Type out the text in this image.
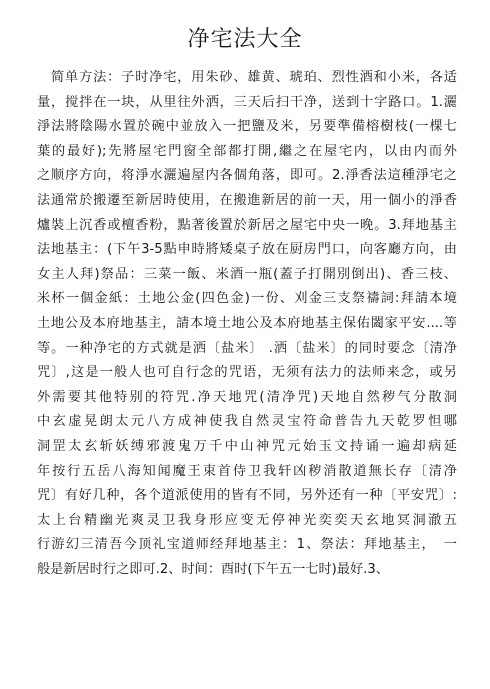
净宅法大全
　简单方法：子时净宅，用朱砂、雄黄、琥珀、烈性酒和小米，各适
量，搅拌在一块，从里往外洒，三天后扫干净，送到十字路口。1.灑
淨法將陰陽水置於碗中並放入一把鹽及米，另要準備榕樹枝(一棵七
葉的最好);先將屋宅門窗全部都打開,繼之在屋宅内，以由内而外
之顺序方向，将淨水灑遍屋内各個角落，即可。2.淨香法這種淨宅之
法通常於搬遷至新居時使用，在搬進新居的前一天，用一個小的淨香
爐裝上沉香或檀香粉，點著後置於新居之屋宅中央一晚。3.拜地基主
法地基主：(下午3-5點申時將矮桌子放在厨房門口，向客廳方向，由
女主人拜)祭品：三菜一飯、米酒一瓶(蓋子打開別倒出)、香三枝、
米杯一個金紙：土地公金(四色金)一份、刈金三支祭禱詞:拜請本境
土地公及本府地基主，請本境土地公及本府地基主保佑闔家平安....等
等。一种净宅的方式就是洒〔盐米〕 .洒〔盐米〕的同时要念〔清净
咒〕,这是一般人也可自行念的咒语，无须有法力的法师来念，或另
外需要其他特别的符咒.净天地咒(清净咒)天地自然秽气分散洞
中玄虚晃朗太元八方成神使我自然灵宝符命普告九天乾罗怛哪
洞罡太玄斩妖缚邪渡鬼万千中山神咒元始玉文持诵一遍却病延
年按行五岳八海知闻魔王束首侍卫我轩凶秽消散道無长存〔清净
咒〕有好几种，各个道派使用的皆有不同，另外还有一种〔平安咒〕:
太上台精幽光爽灵卫我身形应变无停神光奕奕天玄地冥洞澈五
行游幻三清吾今顶礼宝道师经拜地基主：1、祭法：拜地基主，　一
般是新居时行之即可.2、时间：酉时(下午五一七时)最好.3、
